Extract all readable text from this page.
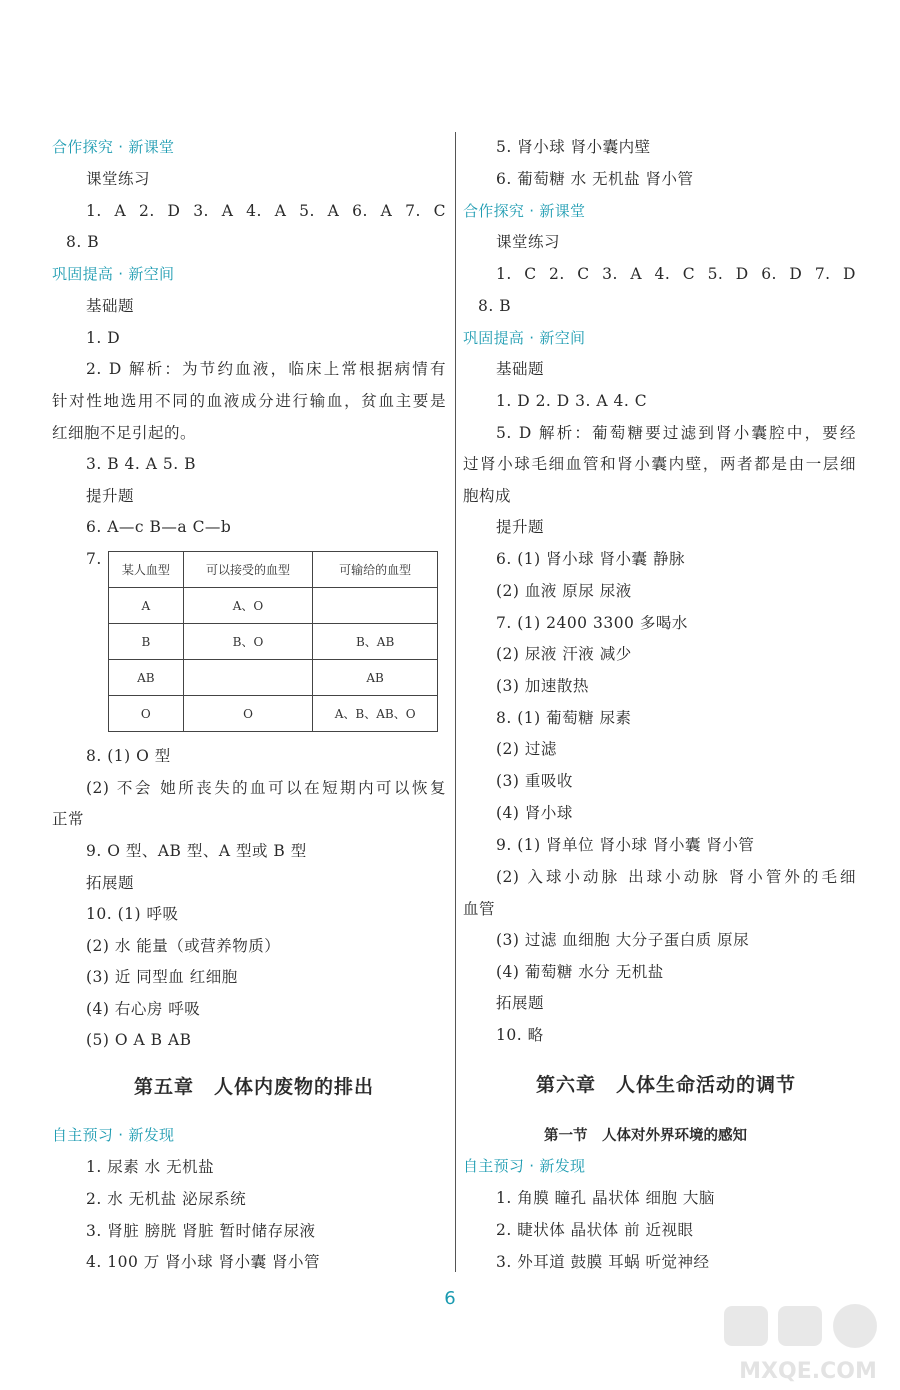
合作探究 · 新课堂
课堂练习
1. A 2. D 3. A 4. A 5. A 6. A 7. C
8. B
巩固提高 · 新空间
基础题
1. D
2. D 解析：为节约血液，临床上常根据病情有
针对性地选用不同的血液成分进行输血，贫血主要是
红细胞不足引起的。
3. B 4. A 5. B
提升题
6. A—c B—a C—b
7.
某人血型	可以接受的血型	可输给的血型
A	A、O	
B	B、O	B、AB
AB		AB
O	O	A、B、AB、O
8. (1) O 型
(2) 不会 她所丧失的血可以在短期内可以恢复
正常
9. O 型、AB 型、A 型或 B 型
拓展题
10. (1) 呼吸
(2) 水 能量（或营养物质）
(3) 近 同型血 红细胞
(4) 右心房 呼吸
(5) O A B AB
第五章　人体内废物的排出
自主预习 · 新发现
1. 尿素 水 无机盐
2. 水 无机盐 泌尿系统
3. 肾脏 膀胱 肾脏 暂时储存尿液
4. 100 万 肾小球 肾小囊 肾小管
5. 肾小球 肾小囊内壁
6. 葡萄糖 水 无机盐 肾小管
合作探究 · 新课堂
课堂练习
1. C 2. C 3. A 4. C 5. D 6. D 7. D
8. B
巩固提高 · 新空间
基础题
1. D 2. D 3. A 4. C
5. D 解析：葡萄糖要过滤到肾小囊腔中，要经
过肾小球毛细血管和肾小囊内壁，两者都是由一层细
胞构成
提升题
6. (1) 肾小球 肾小囊 静脉
(2) 血液 原尿 尿液
7. (1) 2400 3300 多喝水
(2) 尿液 汗液 减少
(3) 加速散热
8. (1) 葡萄糖 尿素
(2) 过滤
(3) 重吸收
(4) 肾小球
9. (1) 肾单位 肾小球 肾小囊 肾小管
(2) 入球小动脉 出球小动脉 肾小管外的毛细
血管
(3) 过滤 血细胞 大分子蛋白质 原尿
(4) 葡萄糖 水分 无机盐
拓展题
10. 略
第六章　人体生命活动的调节
第一节　人体对外界环境的感知
自主预习 · 新发现
1. 角膜 瞳孔 晶状体 细胞 大脑
2. 睫状体 晶状体 前 近视眼
3. 外耳道 鼓膜 耳蜗 听觉神经
6
MXQE.COM
